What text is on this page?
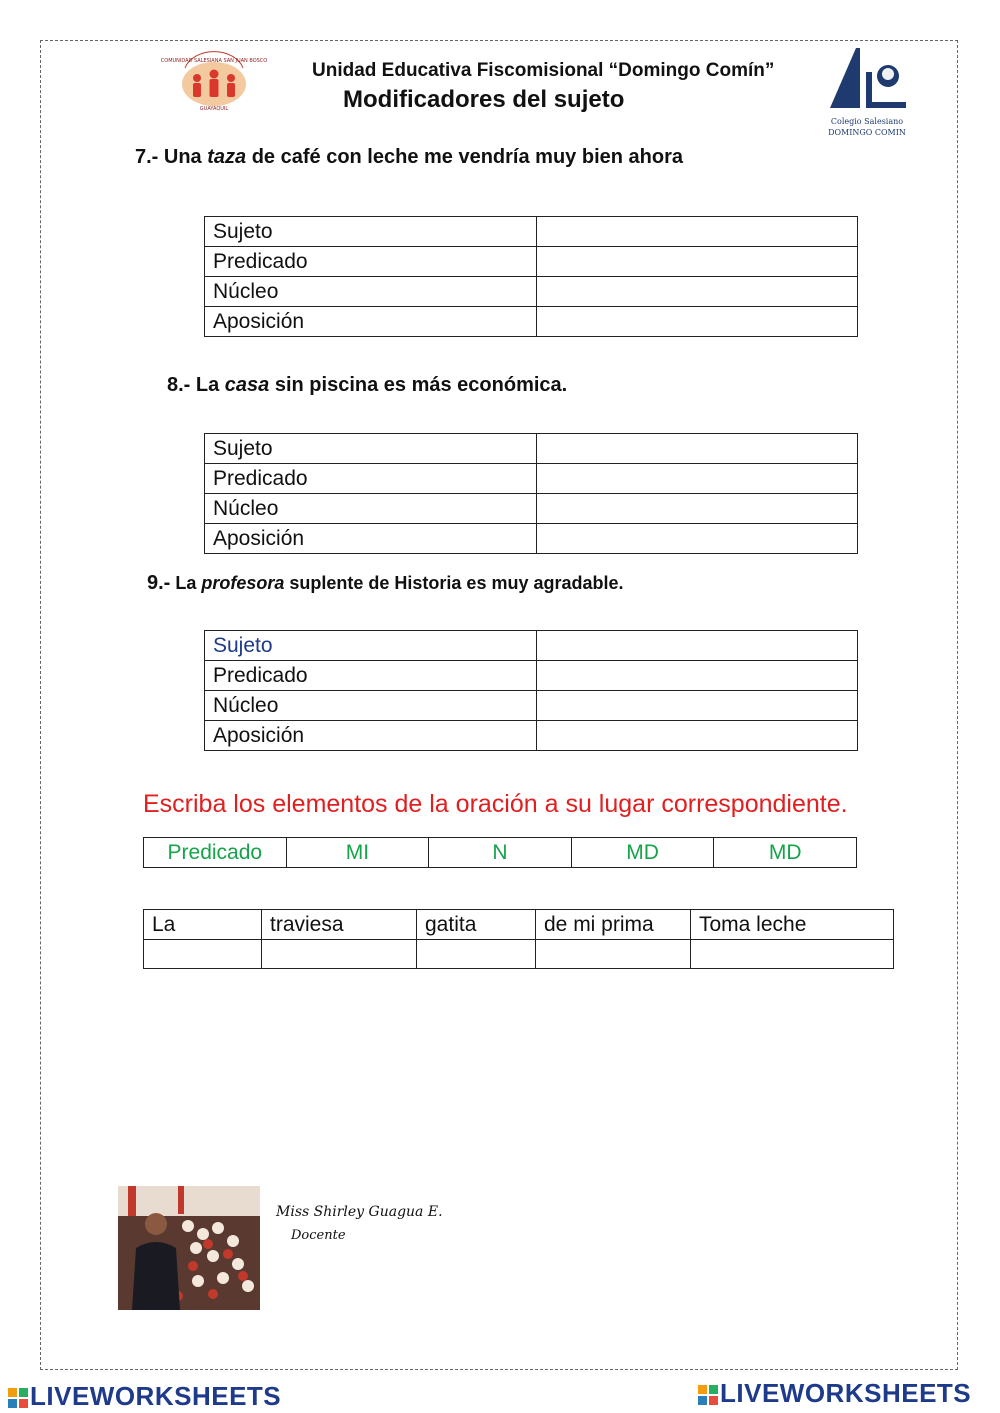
COMUNIDAD SALESIANA SAN JUAN BOSCO
GUAYAQUIL
Unidad Educativa Fiscomisional “Domingo Comín”
Modificadores del sujeto
Colegio Salesiano
DOMINGO COMIN
7.- Una taza de café con leche me vendría muy bien ahora
Sujeto	
Predicado	
Núcleo	
Aposición	
8.- La casa sin piscina es más económica.
Sujeto	
Predicado	
Núcleo	
Aposición	
9.- La profesora suplente de Historia es muy agradable.
Sujeto	
Predicado	
Núcleo	
Aposición	
Escriba los elementos de la oración a su lugar correspondiente.
Predicado	MI	N	MD	MD
La	traviesa	gatita	de mi prima	Toma leche

Miss Shirley Guagua E.
Docente
LIVEWORKSHEETS	LIVEWORKSHEETS
